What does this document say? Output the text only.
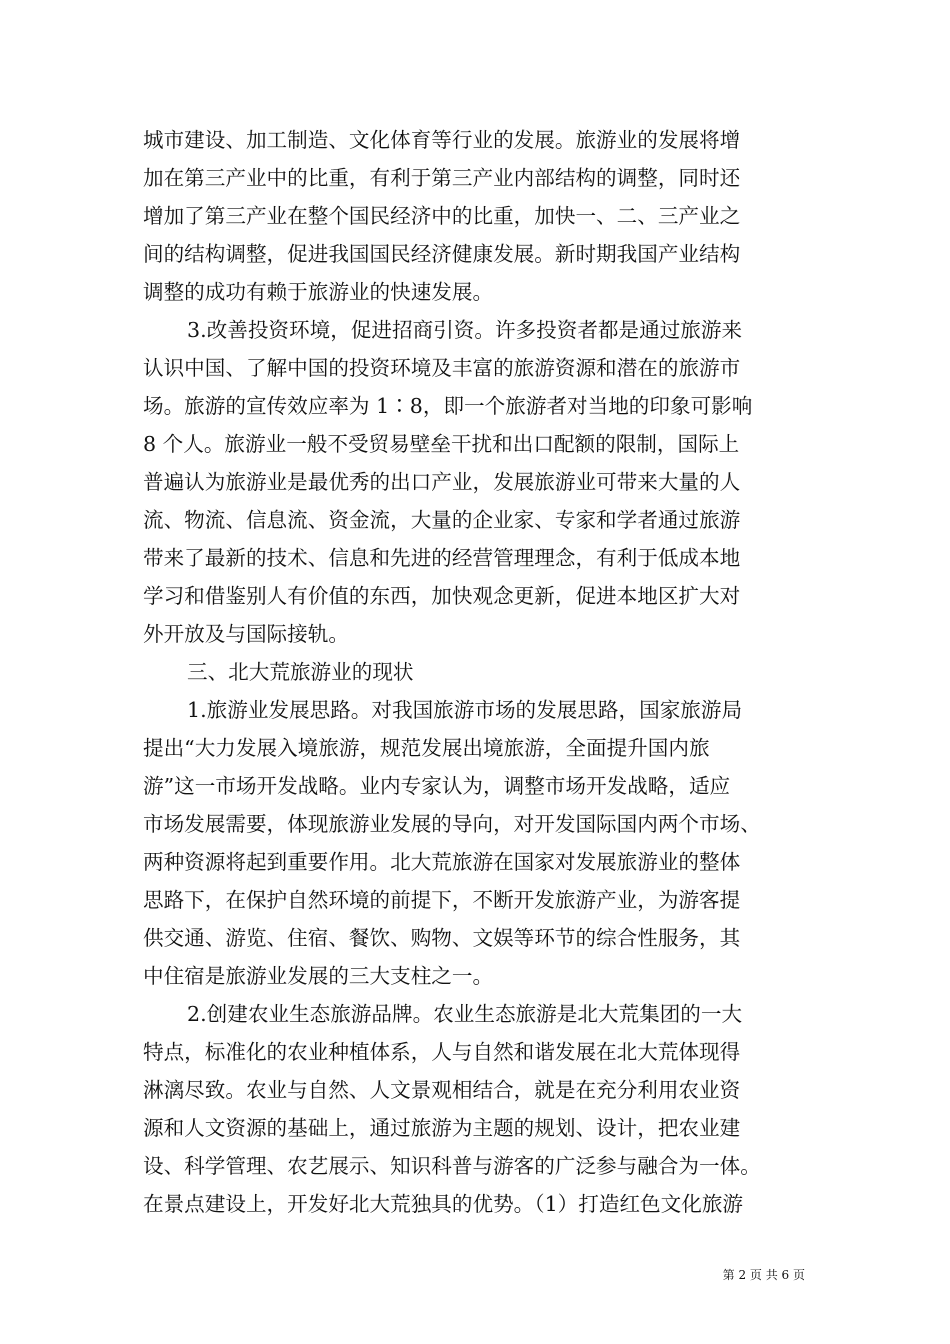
城市建设、加工制造、文化体育等行业的发展。旅游业的发展将增
加在第三产业中的比重，有利于第三产业内部结构的调整，同时还
增加了第三产业在整个国民经济中的比重，加快一、二、三产业之
间的结构调整，促进我国国民经济健康发展。新时期我国产业结构
调整的成功有赖于旅游业的快速发展。
3.改善投资环境，促进招商引资。许多投资者都是通过旅游来
认识中国、了解中国的投资环境及丰富的旅游资源和潜在的旅游市
场。旅游的宣传效应率为 1∶8，即一个旅游者对当地的印象可影响
8 个人。旅游业一般不受贸易壁垒干扰和出口配额的限制，国际上
普遍认为旅游业是最优秀的出口产业，发展旅游业可带来大量的人
流、物流、信息流、资金流，大量的企业家、专家和学者通过旅游
带来了最新的技术、信息和先进的经营管理理念，有利于低成本地
学习和借鉴别人有价值的东西，加快观念更新，促进本地区扩大对
外开放及与国际接轨。
三、北大荒旅游业的现状
1.旅游业发展思路。对我国旅游市场的发展思路，国家旅游局
提出“大力发展入境旅游，规范发展出境旅游，全面提升国内旅
游”这一市场开发战略。业内专家认为，调整市场开发战略，适应
市场发展需要，体现旅游业发展的导向，对开发国际国内两个市场、
两种资源将起到重要作用。北大荒旅游在国家对发展旅游业的整体
思路下，在保护自然环境的前提下，不断开发旅游产业，为游客提
供交通、游览、住宿、餐饮、购物、文娱等环节的综合性服务，其
中住宿是旅游业发展的三大支柱之一。
2.创建农业生态旅游品牌。农业生态旅游是北大荒集团的一大
特点，标准化的农业种植体系，人与自然和谐发展在北大荒体现得
淋漓尽致。农业与自然、人文景观相结合，就是在充分利用农业资
源和人文资源的基础上，通过旅游为主题的规划、设计，把农业建
设、科学管理、农艺展示、知识科普与游客的广泛参与融合为一体。
在景点建设上，开发好北大荒独具的优势。（1）打造红色文化旅游
第 2 页 共 6 页
